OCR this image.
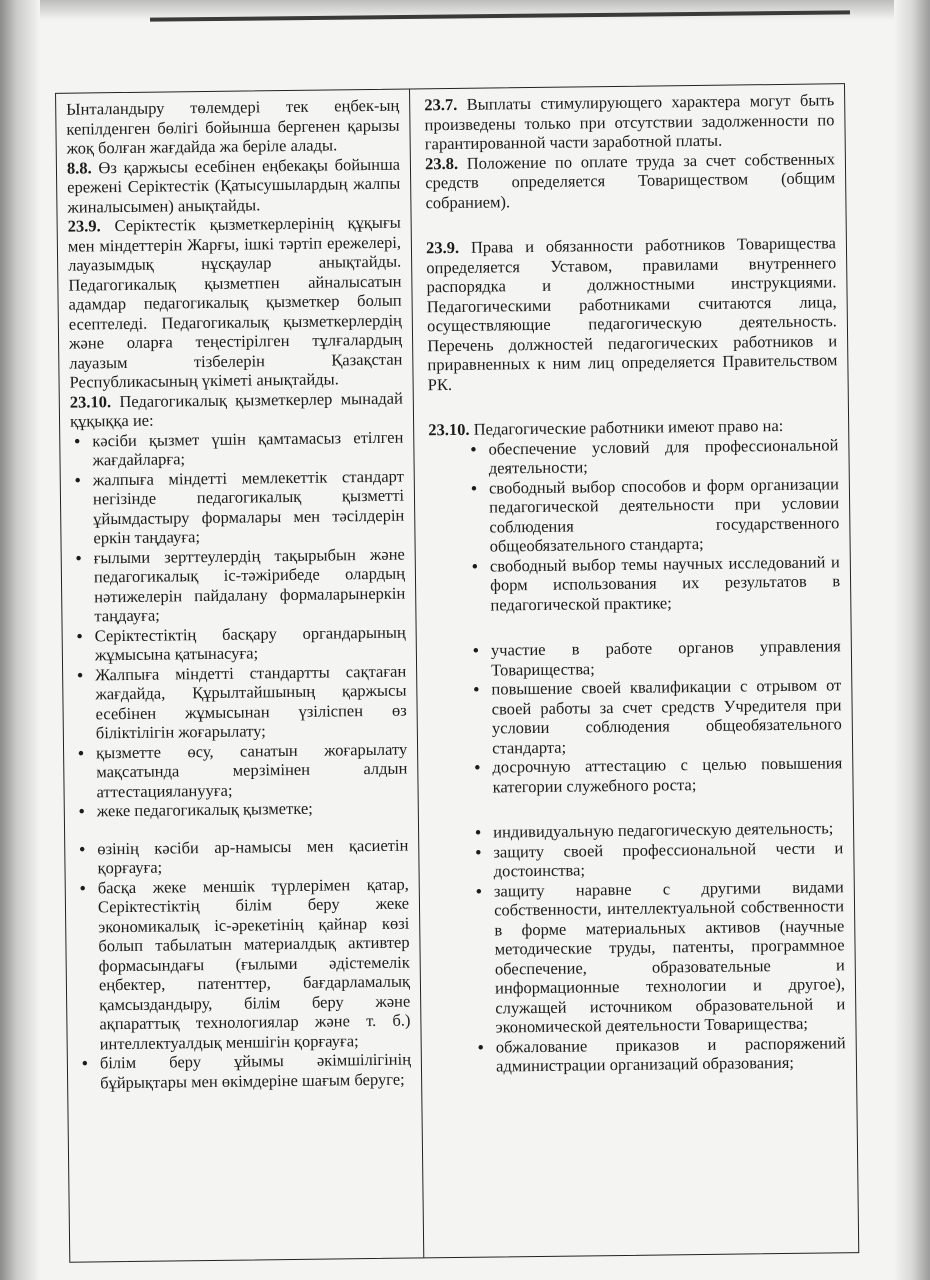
Ынталандыру төлемдері тек еңбек-ың кепілденген бөлігі бойынша бергенен қарызы жоқ болған жағдайда жа беріле алады.

8.8. Өз қаржысы есебінен еңбекақы бойынша ережені Серіктестік (Қатысушылардың жалпы жиналысымен) анықтайды.

23.9. Серіктестік қызметкерлерінің құқығы мен міндеттерін Жарғы, ішкі тәртіп ережелері, лауазымдық нұсқаулар анықтайды. Педагогикалық қызметпен айналысатын адамдар педагогикалық қызметкер болып есептеледі. Педагогикалық қызметкерлердің және оларға теңестірілген тұлғалардың лауазым тізбелерін Қазақстан Республикасының үкіметі анықтайды.

23.10. Педагогикалық қызметкерлер мынадай құқыққа ие:

• кәсіби қызмет үшін қамтамасыз етілген жағдайларға;
• жалпыға міндетті мемлекеттік стандарт негізінде педагогикалық қызметті ұйымдастыру формалары мен тәсілдерін еркін таңдауға;
• ғылыми зерттеулердің тақырыбын және педагогикалық іс-тәжірибеде олардың нәтижелерін пайдалану формаларынеркін таңдауға;
• Серіктестіктің басқару органдарының жұмысына қатынасуға;
• Жалпыға міндетті стандартты сақтаған жағдайда, Құрылтайшының қаржысы есебінен жұмысынан үзіліспен өз біліктілігін жоғарылату;
• қызметте өсу, санатын жоғарылату мақсатында мерзімінен алдын аттестацияланууға;
• жеке педагогикалық қызметке;
• өзінің кәсіби ар-намысы мен қасиетін қорғауға;
• басқа жеке меншік түрлерімен қатар, Серіктестіктің білім беру жеке экономикалық іс-әрекетінің қайнар көзі болып табылатын материалдық активтер формасындағы (ғылыми әдістемелік еңбектер, патенттер, бағдарламалық қамсыздандыру, білім беру және ақпараттық технологиялар және т. б.) интеллектуалдық меншігін қорғауға;
• білім беру ұйымы әкімшілігінің бұйрықтары мен өкімдеріне шағым беруге;

23.7. Выплаты стимулирующего характера могут быть произведены только при отсутствии задолженности по гарантированной части заработной платы.

23.8. Положение по оплате труда за счет собственных средств определяется Товариществом (общим собранием).

23.9. Права и обязанности работников Товарищества определяется Уставом, правилами внутреннего распорядка и должностными инструкциями. Педагогическими работниками считаются лица, осуществляющие педагогическую деятельность. Перечень должностей педагогических работников и приравненных к ним лиц определяется Правительством РК.

23.10. Педагогические работники имеют право на:

• обеспечение условий для профессиональной деятельности;
• свободный выбор способов и форм организации педагогической деятельности при условии соблюдения государственного общеобязательного стандарта;
• свободный выбор темы научных исследований и форм использования их результатов в педагогической практике;
• участие в работе органов управления Товарищества;
• повышение своей квалификации с отрывом от своей работы за счет средств Учредителя при условии соблюдения общеобязательного стандарта;
• досрочную аттестацию с целью повышения категории служебного роста;
• индивидуальную педагогическую деятельность;
• защиту своей профессиональной чести и достоинства;
• защиту наравне с другими видами собственности, интеллектуальной собственности в форме материальных активов (научные методические труды, патенты, программное обеспечение, образовательные и информационные технологии и другое), служащей источником образовательной и экономической деятельности Товарищества;
• обжалование приказов и распоряжений администрации организаций образования;
